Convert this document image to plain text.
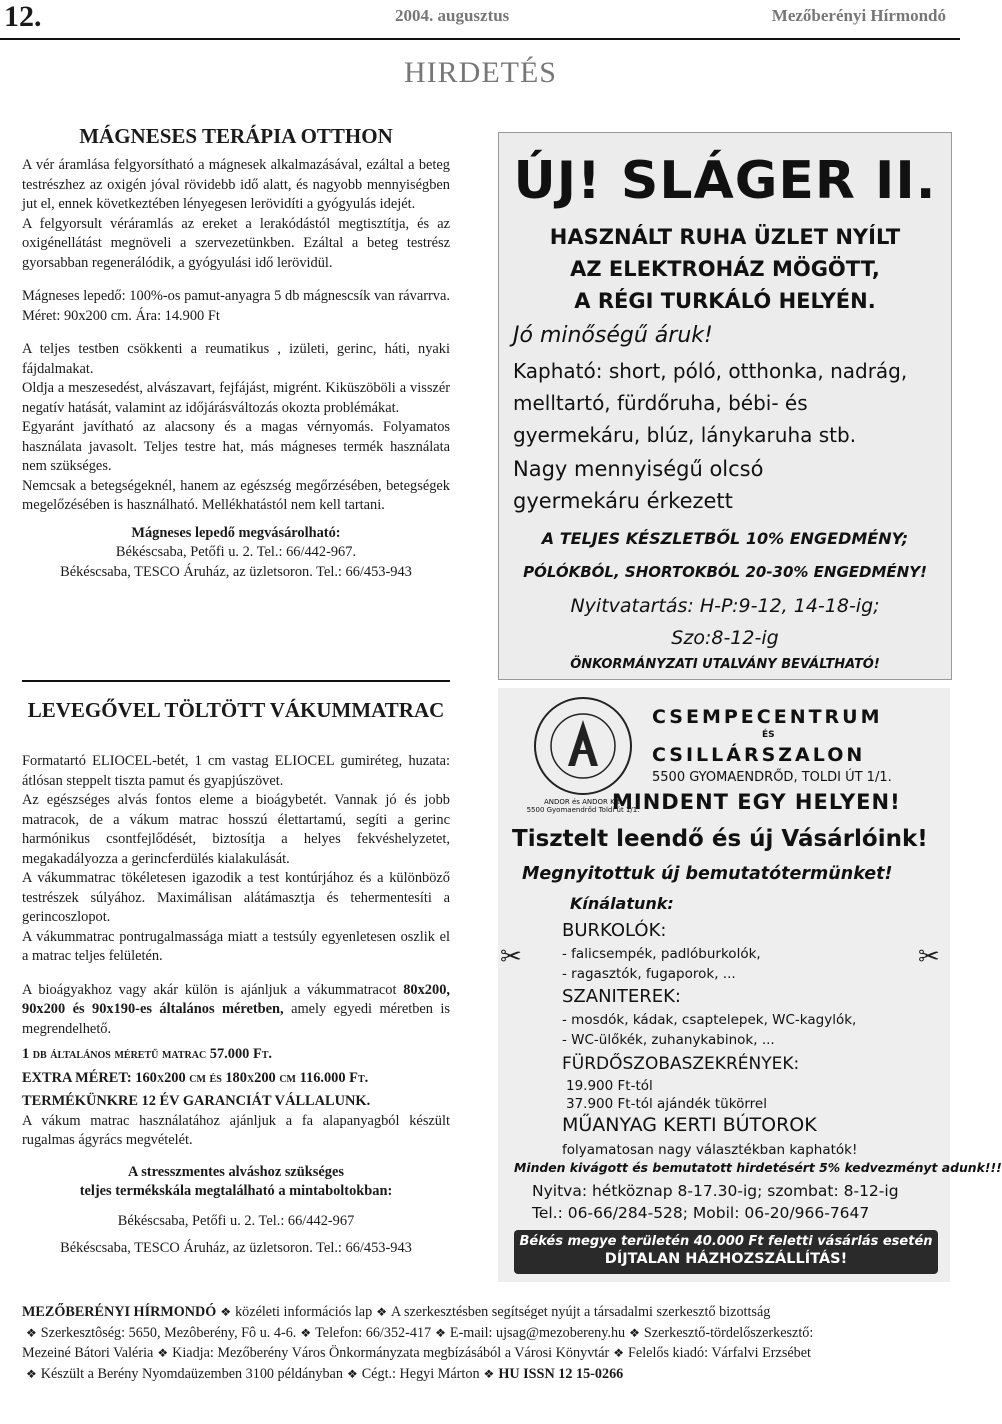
12.	2004. augusztus	Mezőberényi Hírmondó
HIRDETÉS
MÁGNESES TERÁPIA OTTHON

A vér áramlása felgyorsítható a mágnesek alkalmazásával, ezáltal a beteg testrészhez az oxigén jóval rövidebb idő alatt, és nagyobb mennyiségben jut el, ennek következtében lényegesen lerövidíti a gyógyulás idejét.

A felgyorsult véráramlás az ereket a lerakódástól megtisztítja, és az oxigénellátást megnöveli a szervezetünkben. Ezáltal a beteg testrész gyorsabban regenerálódik, a gyógyulási idő lerövidül.

Mágneses lepedő: 100%-os pamut-anyagra 5 db mágnescsík van rávarrva. Méret: 90x200 cm. Ára: 14.900 Ft

A teljes testben csökkenti a reumatikus , izületi, gerinc, háti, nyaki fájdalmakat.

Oldja a meszesedést, alvászavart, fejfájást, migrént. Kiküszöböli a visszér negatív hatását, valamint az időjárásváltozás okozta problémákat.

Egyaránt javítható az alacsony és a magas vérnyomás. Folyamatos használata javasolt. Teljes testre hat, más mágneses termék használata nem szükséges.

Nemcsak a betegségeknél, hanem az egészség megőrzésében, betegségek megelőzésében is használható. Mellékhatástól nem kell tartani.

Mágneses lepedő megvásárolható:

Békéscsaba, Petőfi u. 2. Tel.: 66/442-967.

Békéscsaba, TESCO Áruház, az üzletsoron. Tel.: 66/453-943

LEVEGŐVEL TÖLTÖTT VÁKUMMATRAC

Formatartó ELIOCEL-betét, 1 cm vastag ELIOCEL gumiréteg, huzata: átlósan steppelt tiszta pamut és gyapjúszövet.

Az egészséges alvás fontos eleme a bioágybetét. Vannak jó és jobb matracok, de a vákum matrac hosszú élettartamú, segíti a gerinc harmónikus csontfejlődését, biztosítja a helyes fekvéshelyzetet, megakadályozza a gerincferdülés kialakulását.

A vákummatrac tökéletesen igazodik a test kontúrjához és a különböző testrészek súlyához. Maximálisan alátámasztja és tehermentesíti a gerincoszlopot.

A vákummatrac pontrugalmassága miatt a testsúly egyenletesen oszlik el a matrac teljes felületén.

A bioágyakhoz vagy akár külön is ajánljuk a vákummatracot 80x200, 90x200 és 90x190-es általános méretben, amely egyedi méretben is megrendelhető.

1 db általános méretű matrac 57.000 Ft.

EXTRA MÉRET: 160x200 cm és 180x200 cm 116.000 Ft.

TERMÉKÜNKRE 12 ÉV GARANCIÁT VÁLLALUNK.

A vákum matrac használatához ajánljuk a fa alapanyagból készült rugalmas ágyrács megvételét.

A stresszmentes alváshoz szükséges

teljes termékskála megtalálható a mintaboltokban:

Békéscsaba, Petőfi u. 2. Tel.: 66/442-967

Békéscsaba, TESCO Áruház, az üzletsoron. Tel.: 66/453-943

ÚJ! SLÁGER II.
HASZNÁLT RUHA ÜZLET NYÍLT
AZ ELEKTROHÁZ MÖGÖTT,
A RÉGI TURKÁLÓ HELYÉN.
Jó minőségű áruk!
Kapható: short, póló, otthonka, nadrág,
melltartó, fürdőruha, bébi- és
gyermekáru, blúz, lánykaruha stb.
Nagy mennyiségű olcsó
gyermekáru érkezett
A TELJES KÉSZLETBŐL 10% ENGEDMÉNY;
PÓLÓKBÓL, SHORTOKBÓL 20-30% ENGEDMÉNY!
Nyitvatartás: H-P:9-12, 14-18-ig;
Szo:8-12-ig
ÖNKORMÁNYZATI UTALVÁNY BEVÁLTHATÓ!
ANDOR és ANDOR Kft.
5500 Gyomaendrőd Toldi út 1/1.
CSEMPECENTRUM
ÉS
CSILLÁRSZALON
5500 GYOMAENDRŐD, TOLDI ÚT 1/1.
MINDENT EGY HELYEN!
Tisztelt leendő és új Vásárlóink!
Megnyitottuk új bemutatótermünket!
Kínálatunk:
BURKOLÓK:
- falicsempék, padlóburkolók,
- ragasztók, fugaporok, ...
SZANITEREK:
- mosdók, kádak, csaptelepek, WC-kagylók,
- WC-ülőkék, zuhanykabinok, ...
FÜRDŐSZOBASZEKRÉNYEK:
19.900 Ft-tól
37.900 Ft-tól ajándék tükörrel
MŰANYAG KERTI BÚTOROK
folyamatosan nagy választékban kaphatók!
Minden kivágott és bemutatott hirdetésért 5% kedvezményt adunk!!!
Nyitva: hétköznap 8-17.30-ig; szombat: 8-12-ig
Tel.: 06-66/284-528; Mobil: 06-20/966-7647
Békés megye területén 40.000 Ft feletti vásárlás esetén
DÍJTALAN HÁZHOZSZÁLLÍTÁS!
✂	✂

MEZŐBERÉNYI HÍRMONDÓ ❖ közéleti információs lap ❖ A szerkesztésben segítséget nyújt a társadalmi szerkesztő bizottság

❖ Szerkesztôség: 5650, Mezôberény, Fô u. 4-6. ❖ Telefon: 66/352-417 ❖ E-mail: ujsag@mezobereny.hu ❖ Szerkesztő-tördelőszerkesztő:

Mezeiné Bátori Valéria ❖ Kiadja: Mezőberény Város Önkormányzata megbízásából a Városi Könyvtár ❖ Felelős kiadó: Várfalvi Erzsébet

❖ Készült a Berény Nyomdaüzemben 3100 példányban ❖ Cégt.: Hegyi Márton ❖ HU ISSN 12 15-0266
